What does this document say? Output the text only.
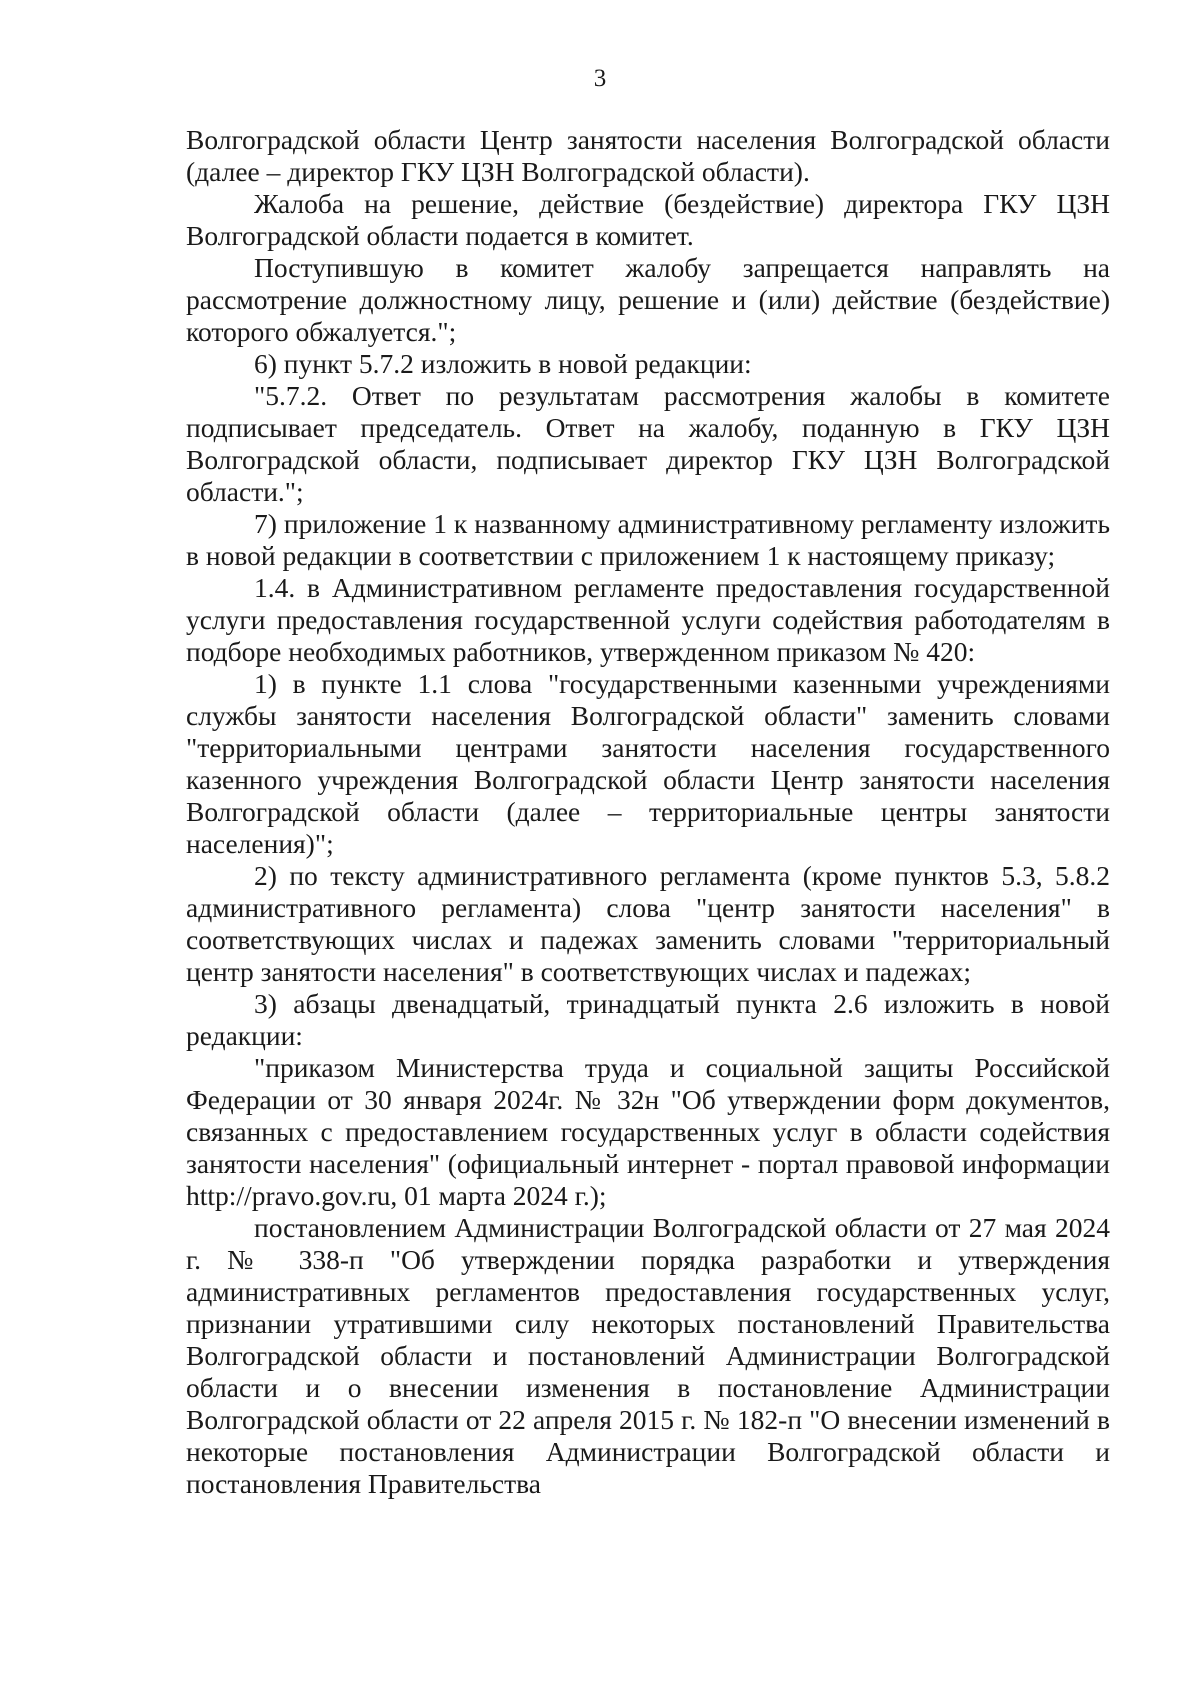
3

Волгоградской области Центр занятости населения Волгоградской области (далее – директор ГКУ ЦЗН Волгоградской области).

Жалоба на решение, действие (бездействие) директора ГКУ ЦЗН Волгоградской области подается в комитет.

Поступившую в комитет жалобу запрещается направлять на рассмотрение должностному лицу, решение и (или) действие (бездействие) которого обжалуется.";

6) пункт 5.7.2 изложить в новой редакции:

"5.7.2. Ответ по результатам рассмотрения жалобы в комитете подписывает председатель. Ответ на жалобу, поданную в ГКУ ЦЗН Волгоградской области, подписывает директор ГКУ ЦЗН Волгоградской области.";

7) приложение 1 к названному административному регламенту изложить в новой редакции в соответствии с приложением 1 к настоящему приказу;

1.4. в Административном регламенте предоставления государственной услуги предоставления государственной услуги содействия работодателям в подборе необходимых работников, утвержденном приказом № 420:

1) в пункте 1.1 слова "государственными казенными учреждениями службы занятости населения Волгоградской области" заменить словами "территориальными центрами занятости населения государственного казенного учреждения Волгоградской области Центр занятости населения Волгоградской области (далее – территориальные центры занятости населения)";

2) по тексту административного регламента (кроме пунктов 5.3, 5.8.2 административного регламента) слова "центр занятости населения" в соответствующих числах и падежах заменить словами "территориальный центр занятости населения" в соответствующих числах и падежах;

3) абзацы двенадцатый, тринадцатый пункта 2.6 изложить в новой редакции:

"приказом Министерства труда и социальной защиты Российской Федерации от 30 января 2024г. № 32н "Об утверждении форм документов, связанных с предоставлением государственных услуг в области содействия занятости населения" (официальный интернет - портал правовой информации http://pravo.gov.ru, 01 марта 2024 г.);

постановлением Администрации Волгоградской области от 27 мая 2024 г. № 338-п "Об утверждении порядка разработки и утверждения административных регламентов предоставления государственных услуг, признании утратившими силу некоторых постановлений Правительства Волгоградской области и постановлений Администрации Волгоградской области и о внесении изменения в постановление Администрации Волгоградской области от 22 апреля 2015 г. № 182-п "О внесении изменений в некоторые постановления Администрации Волгоградской области и постановления Правительства
